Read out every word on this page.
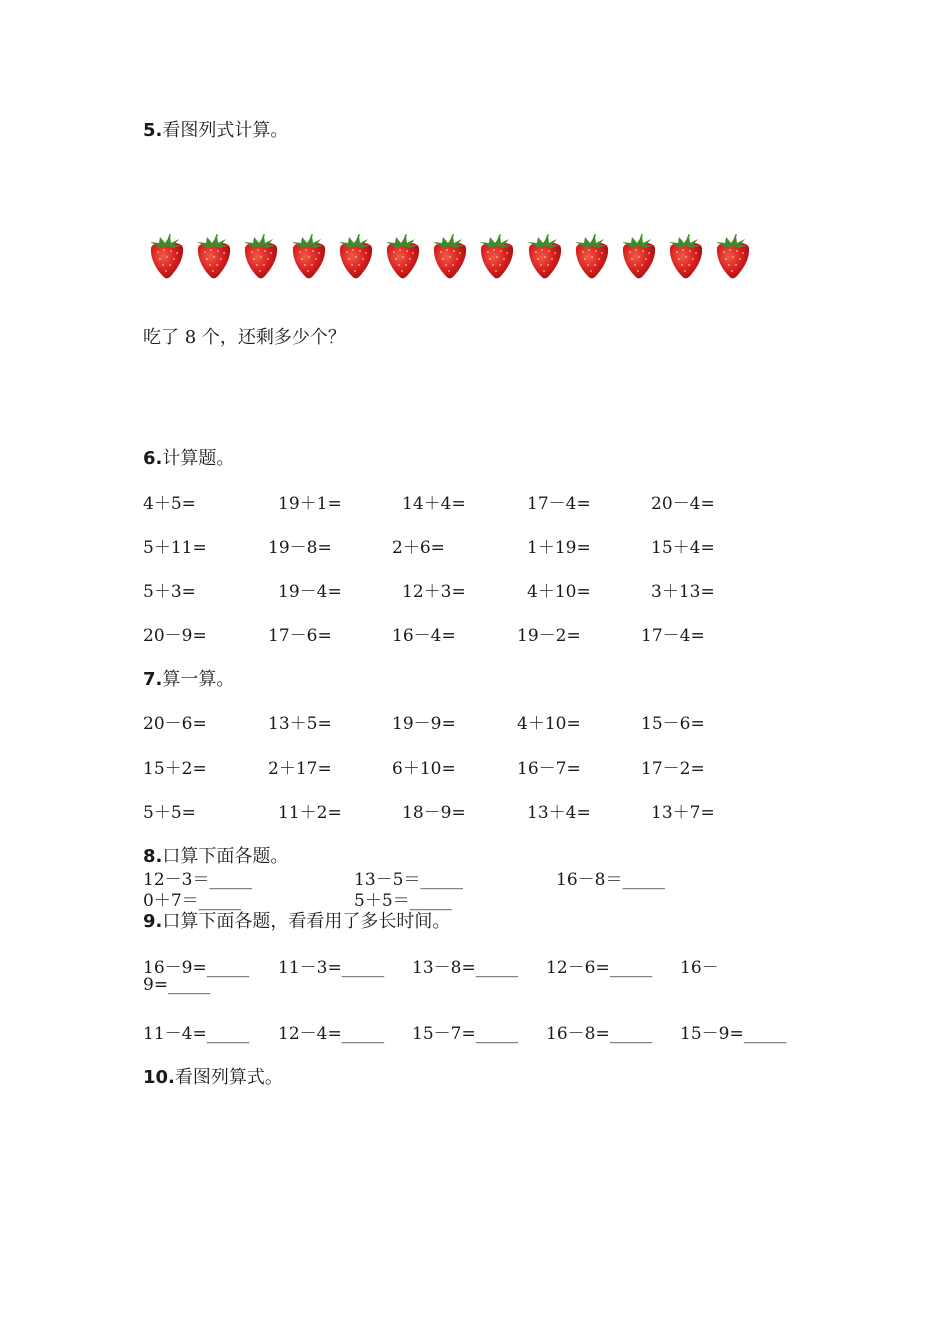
5.看图列式计算。
吃了 8 个，还剩多少个？
6.计算题。
4＋5=	19＋1=	14＋4=	17－4=	20－4=
5＋11=	19－8=	2＋6=	1＋19=	15＋4=
5＋3=	19－4=	12＋3=	4＋10=	3＋13=
20－9=	17－6=	16－4=	19－2=	17－4=
7.算一算。
20－6=	13＋5=	19－9=	4＋10=	15－6=
15＋2=	2＋17=	6＋10=	16－7=	17－2=
5＋5=	11＋2=	18－9=	13＋4=	13＋7=
8.口算下面各题。
12－3＝_____	13－5＝_____	16－8＝_____
0＋7＝_____	5＋5＝_____
9.口算下面各题，看看用了多长时间。
16－9=_____ 11－3=_____ 13－8=_____ 12－6=_____ 16－
9=_____
11－4=_____ 12－4=_____ 15－7=_____ 16－8=_____ 15－9=_____
10.看图列算式。
